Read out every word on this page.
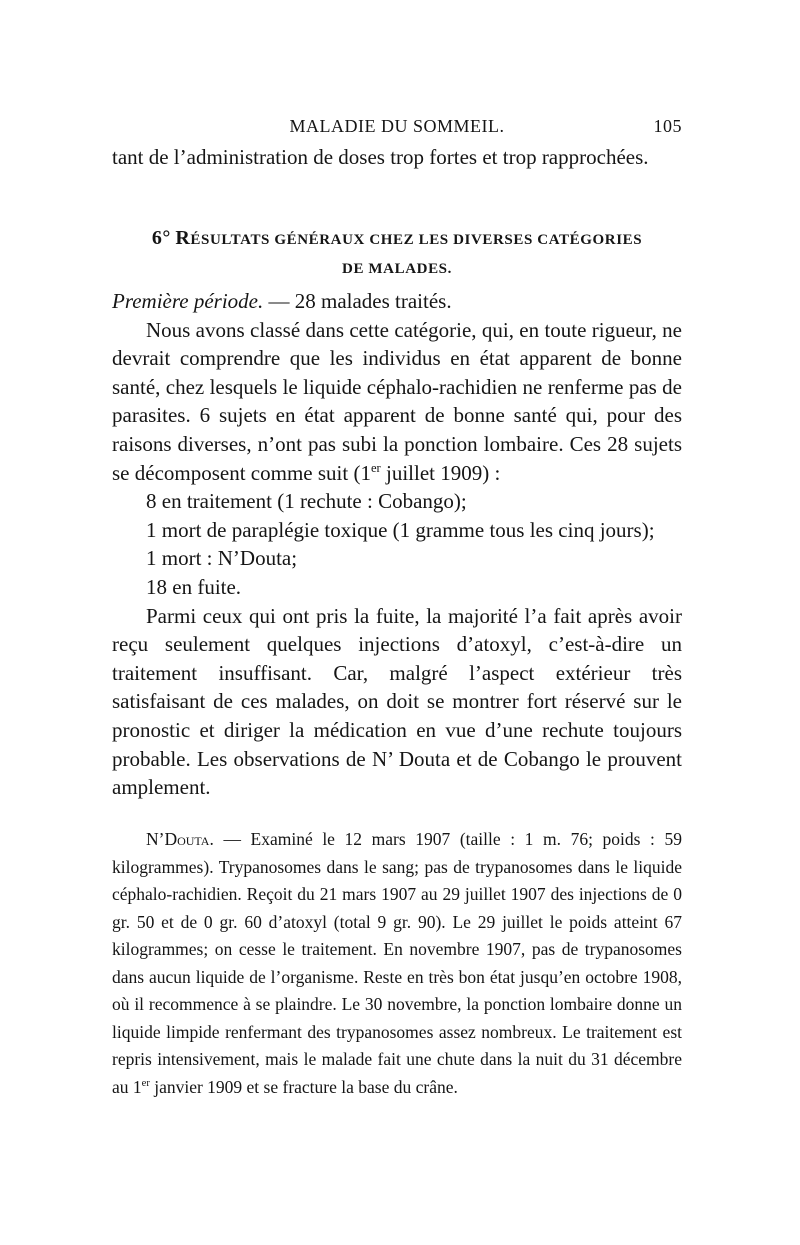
MALADIE DU SOMMEIL.	105

tant de l’administration de doses trop fortes et trop rapprochées.

6° RÉSULTATS GÉNÉRAUX CHEZ LES DIVERSES CATÉGORIES
DE MALADES.

Première période. — 28 malades traités.

Nous avons classé dans cette catégorie, qui, en toute rigueur, ne devrait comprendre que les individus en état apparent de bonne santé, chez lesquels le liquide céphalo-rachidien ne renferme pas de parasites. 6 sujets en état apparent de bonne santé qui, pour des raisons diverses, n’ont pas subi la ponction lombaire. Ces 28 sujets se décomposent comme suit (1er juillet 1909) :

8 en traitement (1 rechute : Cobango);

1 mort de paraplégie toxique (1 gramme tous les cinq jours);

1 mort : N’Douta;

18 en fuite.

Parmi ceux qui ont pris la fuite, la majorité l’a fait après avoir reçu seulement quelques injections d’atoxyl, c’est-à-dire un traitement insuffisant. Car, malgré l’aspect extérieur très satisfaisant de ces malades, on doit se montrer fort réservé sur le pronostic et diriger la médication en vue d’une rechute toujours probable. Les observations de N’ Douta et de Cobango le prouvent amplement.

N’Douta. — Examiné le 12 mars 1907 (taille : 1 m. 76; poids : 59 kilogrammes). Trypanosomes dans le sang; pas de trypanosomes dans le liquide céphalo-rachidien. Reçoit du 21 mars 1907 au 29 juillet 1907 des injections de 0 gr. 50 et de 0 gr. 60 d’atoxyl (total 9 gr. 90). Le 29 juillet le poids atteint 67 kilogrammes; on cesse le traitement. En novembre 1907, pas de trypanosomes dans aucun liquide de l’organisme. Reste en très bon état jusqu’en octobre 1908, où il recommence à se plaindre. Le 30 novembre, la ponction lombaire donne un liquide limpide renfermant des trypanosomes assez nombreux. Le traitement est repris intensivement, mais le malade fait une chute dans la nuit du 31 décembre au 1er janvier 1909 et se fracture la base du crâne.
